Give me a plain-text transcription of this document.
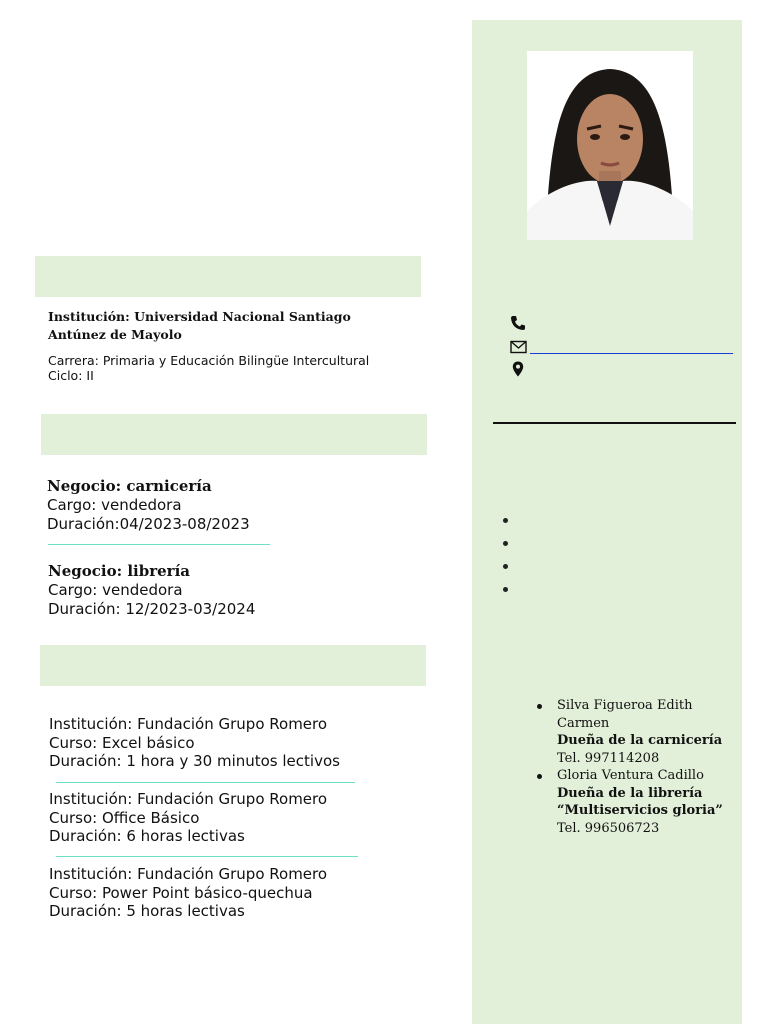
Institución: Universidad Nacional Santiago Antúnez de Mayolo
Carrera: Primaria y Educación Bilingüe Intercultural
Ciclo: II
Negocio: carnicería
Cargo: vendedora
Duración:04/2023-08/2023
Negocio: librería
Cargo: vendedora
Duración: 12/2023-03/2024
Institución: Fundación Grupo Romero
Curso: Excel básico
Duración: 1 hora y 30 minutos lectivos
Institución: Fundación Grupo Romero
Curso: Office Básico
Duración: 6 horas lectivas
Institución: Fundación Grupo Romero
Curso: Power Point básico-quechua
Duración: 5 horas lectivas
Silva Figueroa Edith Carmen
Dueña de la carnicería
Tel. 997114208
Gloria Ventura Cadillo
Dueña de la librería “Multiservicios gloria”
Tel. 996506723
